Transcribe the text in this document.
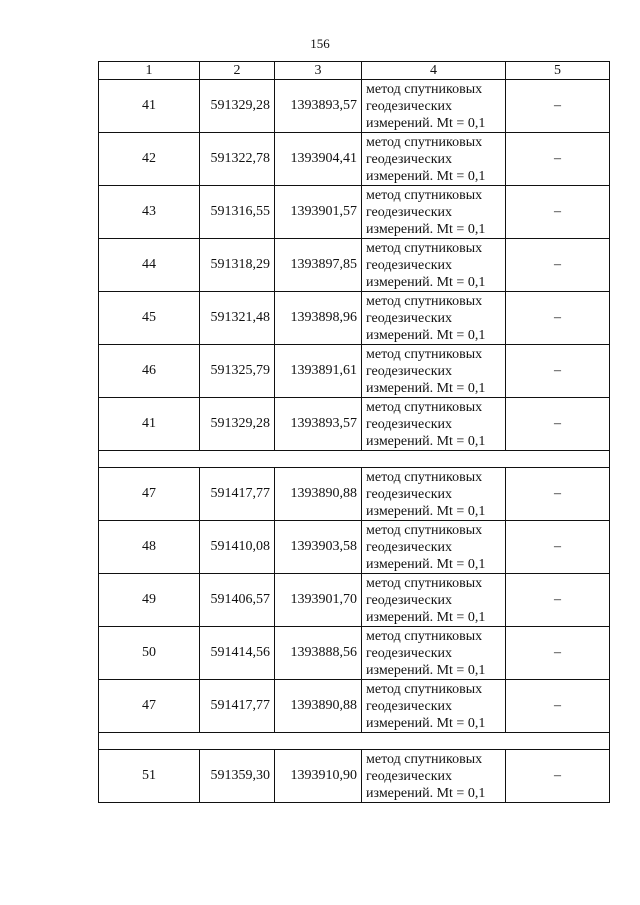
156
1	2	3	4	5
41	591329,28	1393893,57	метод спутниковых
геодезических
измерений. Mt = 0,1	–
42	591322,78	1393904,41	метод спутниковых
геодезических
измерений. Mt = 0,1	–
43	591316,55	1393901,57	метод спутниковых
геодезических
измерений. Mt = 0,1	–
44	591318,29	1393897,85	метод спутниковых
геодезических
измерений. Mt = 0,1	–
45	591321,48	1393898,96	метод спутниковых
геодезических
измерений. Mt = 0,1	–
46	591325,79	1393891,61	метод спутниковых
геодезических
измерений. Mt = 0,1	–
41	591329,28	1393893,57	метод спутниковых
геодезических
измерений. Mt = 0,1	–

47	591417,77	1393890,88	метод спутниковых
геодезических
измерений. Mt = 0,1	–
48	591410,08	1393903,58	метод спутниковых
геодезических
измерений. Mt = 0,1	–
49	591406,57	1393901,70	метод спутниковых
геодезических
измерений. Mt = 0,1	–
50	591414,56	1393888,56	метод спутниковых
геодезических
измерений. Mt = 0,1	–
47	591417,77	1393890,88	метод спутниковых
геодезических
измерений. Mt = 0,1	–

51	591359,30	1393910,90	метод спутниковых
геодезических
измерений. Mt = 0,1	–
